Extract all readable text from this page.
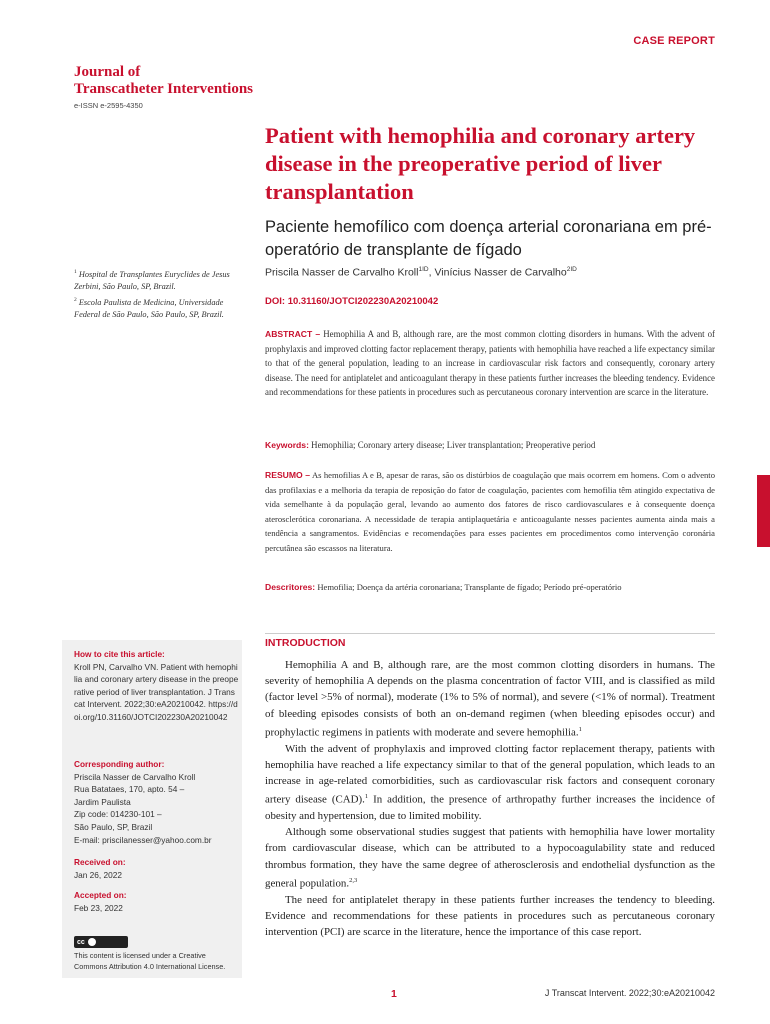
CASE REPORT
Journal of
Transcatheter Interventions
e-ISSN e-2595-4350
Patient with hemophilia and coronary artery disease in the preoperative period of liver transplantation
Paciente hemofílico com doença arterial coronariana em pré-operatório de transplante de fígado
Priscila Nasser de Carvalho Kroll$^{1ID}$, Vinícius Nasser de Carvalho$^{2ID}$
DOI: 10.31160/JOTCI202230A20210042
$^1$ Hospital de Transplantes Euryclides de Jesus Zerbini, São Paulo, SP, Brazil.
$^2$ Escola Paulista de Medicina, Universidade Federal de São Paulo, São Paulo, SP, Brazil.
ABSTRACT – Hemophilia A and B, although rare, are the most common clotting disorders in humans. With the advent of prophylaxis and improved clotting factor replacement therapy, patients with hemophilia have reached a life expectancy similar to that of the general population, leading to an increase in cardiovascular risk factors and consequently, coronary artery disease. The need for antiplatelet and anticoagulant therapy in these patients further increases the bleeding tendency. Evidence and recommendations for these patients in procedures such as percutaneous coronary intervention are scarce in the literature.
Keywords: Hemophilia; Coronary artery disease; Liver transplantation; Preoperative period
RESUMO – As hemofilias A e B, apesar de raras, são os distúrbios de coagulação que mais ocorrem em homens. Com o advento das profilaxias e a melhoria da terapia de reposição do fator de coagulação, pacientes com hemofilia têm atingido expectativa de vida semelhante à da população geral, levando ao aumento dos fatores de risco cardiovasculares e à consequente doença aterosclerótica coronariana. A necessidade de terapia antiplaquetária e anticoagulante nesses pacientes aumenta ainda mais a tendência a sangramentos. Evidências e recomendações para esses pacientes em procedimentos como intervenção coronária percutânea são escassos na literatura.
Descritores: Hemofilia; Doença da artéria coronariana; Transplante de fígado; Período pré-operatório
INTRODUCTION

Hemophilia A and B, although rare, are the most common clotting disorders in humans. The severity of hemophilia A depends on the plasma concentration of factor VIII, and is classified as mild (factor level >5% of normal), moderate (1% to 5% of normal), and severe (<1% of normal). Treatment of bleeding episodes consists of both an on-demand regimen (when bleeding episodes occur) and prophylactic regimens in patients with moderate and severe hemophilia.$^1$

With the advent of prophylaxis and improved clotting factor replacement therapy, patients with hemophilia have reached a life expectancy similar to that of the general population, which leads to an increase in age-related comorbidities, such as cardiovascular risk factors and consequent coronary artery disease (CAD).$^1$ In addition, the presence of arthropathy further increases the incidence of obesity and hypertension, due to limited mobility.

Although some observational studies suggest that patients with hemophilia have lower mortality from cardiovascular disease, which can be attributed to a hypocoagulability state and reduced thrombus formation, they have the same degree of atherosclerosis and endothelial dysfunction as the general population.$^{2,3}$

The need for antiplatelet therapy in these patients further increases the tendency to bleeding. Evidence and recommendations for these patients in procedures such as percutaneous coronary intervention (PCI) are scarce in the literature, hence the importance of this case report.

How to cite this article:
Kroll PN, Carvalho VN. Patient with hemophilia and coronary artery disease in the preoperative period of liver transplantation. J Transcat Intervent. 2022;30:eA20210042. https://doi.org/10.31160/JOTCI202230A20210042
Corresponding author:
Priscila Nasser de Carvalho Kroll
Rua Batataes, 170, apto. 54 –
Jardim Paulista
Zip code: 014230-101 –
São Paulo, SP, Brazil
E-mail: priscilanesser@yahoo.com.br
Received on:
Jan 26, 2022
Accepted on:
Feb 23, 2022
cc
This content is licensed under a Creative Commons Attribution 4.0 International License.
1	J Transcat Intervent. 2022;30:eA20210042
